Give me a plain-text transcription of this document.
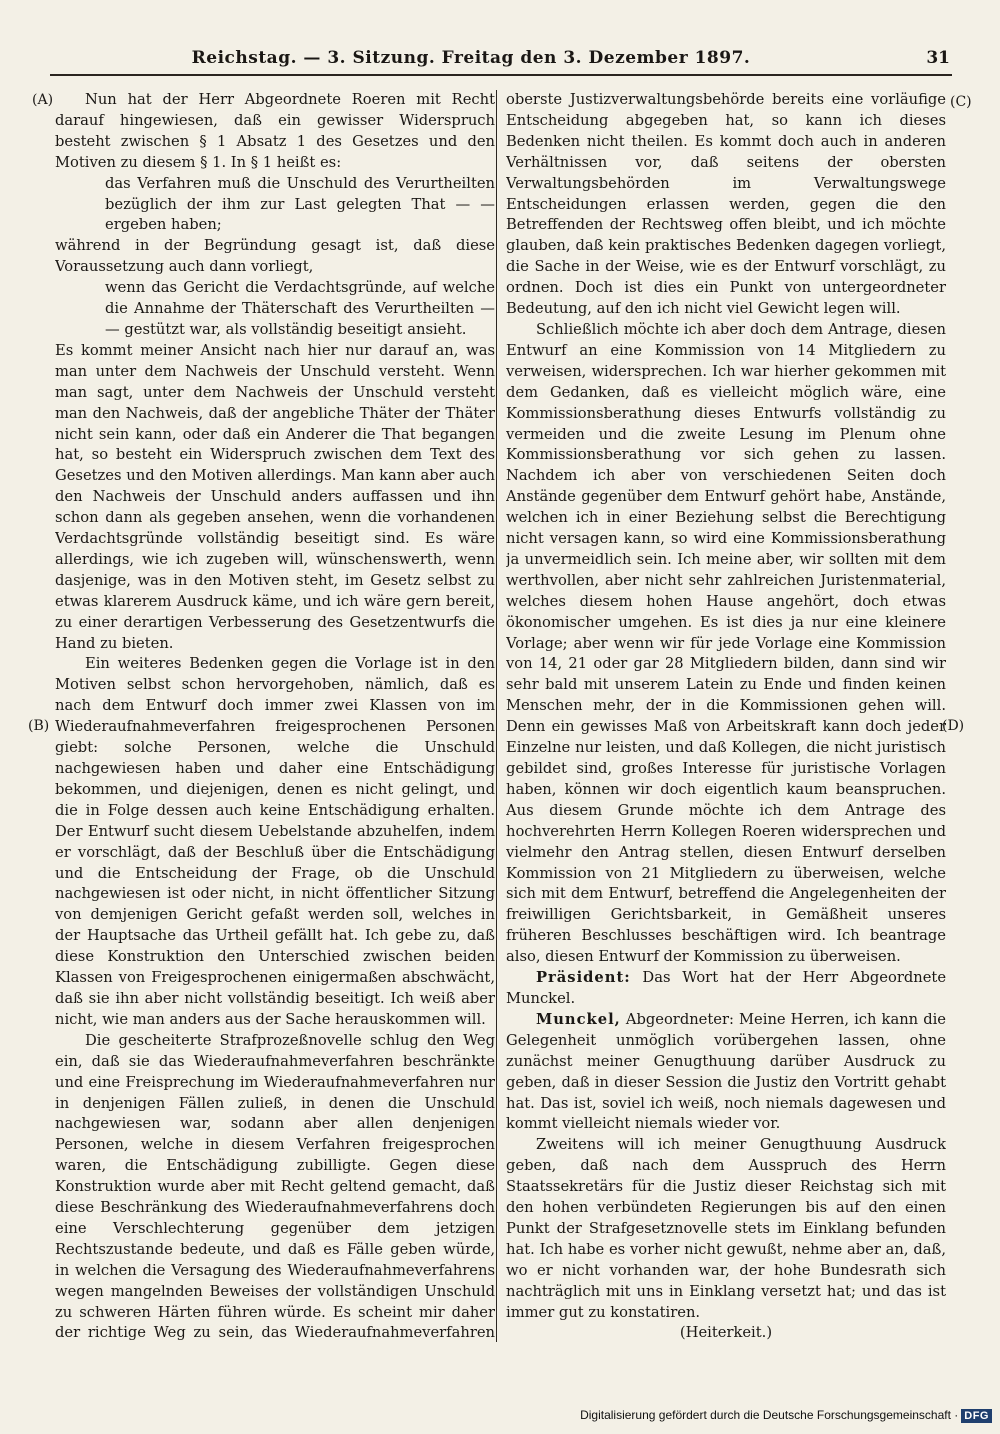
Reichstag. — 3. Sitzung. Freitag den 3. Dezember 1897.	31
(A)
(B)
(C)
(D)

Nun hat der Herr Abgeordnete Roeren mit Recht darauf hingewiesen, daß ein gewisser Widerspruch besteht zwischen § 1 Absatz 1 des Gesetzes und den Motiven zu diesem § 1. In § 1 heißt es:

das Verfahren muß die Unschuld des Verurtheilten bezüglich der ihm zur Last gelegten That — — ergeben haben;

während in der Begründung gesagt ist, daß diese Voraussetzung auch dann vorliegt,

wenn das Gericht die Verdachtsgründe, auf welche die Annahme der Thäterschaft des Verurtheilten — — gestützt war, als vollständig beseitigt ansieht.

Es kommt meiner Ansicht nach hier nur darauf an, was man unter dem Nachweis der Unschuld versteht. Wenn man sagt, unter dem Nachweis der Unschuld versteht man den Nachweis, daß der angebliche Thäter der Thäter nicht sein kann, oder daß ein Anderer die That begangen hat, so besteht ein Widerspruch zwischen dem Text des Gesetzes und den Motiven allerdings. Man kann aber auch den Nachweis der Unschuld anders auffassen und ihn schon dann als gegeben ansehen, wenn die vorhandenen Verdachtsgründe vollständig beseitigt sind. Es wäre allerdings, wie ich zugeben will, wünschenswerth, wenn dasjenige, was in den Motiven steht, im Gesetz selbst zu etwas klarerem Ausdruck käme, und ich wäre gern bereit, zu einer derartigen Verbesserung des Gesetzentwurfs die Hand zu bieten.

Ein weiteres Bedenken gegen die Vorlage ist in den Motiven selbst schon hervorgehoben, nämlich, daß es nach dem Entwurf doch immer zwei Klassen von im Wiederaufnahmeverfahren freigesprochenen Personen giebt: solche Personen, welche die Unschuld nachgewiesen haben und daher eine Entschädigung bekommen, und diejenigen, denen es nicht gelingt, und die in Folge dessen auch keine Entschädigung erhalten. Der Entwurf sucht diesem Uebelstande abzuhelfen, indem er vorschlägt, daß der Beschluß über die Entschädigung und die Entscheidung der Frage, ob die Unschuld nachgewiesen ist oder nicht, in nicht öffentlicher Sitzung von demjenigen Gericht gefaßt werden soll, welches in der Hauptsache das Urtheil gefällt hat. Ich gebe zu, daß diese Konstruktion den Unterschied zwischen beiden Klassen von Freigesprochenen einigermaßen abschwächt, daß sie ihn aber nicht vollständig beseitigt. Ich weiß aber nicht, wie man anders aus der Sache herauskommen will.

Die gescheiterte Strafprozeßnovelle schlug den Weg ein, daß sie das Wiederaufnahmeverfahren beschränkte und eine Freisprechung im Wiederaufnahmeverfahren nur in denjenigen Fällen zuließ, in denen die Unschuld nachgewiesen war, sodann aber allen denjenigen Personen, welche in diesem Verfahren freigesprochen waren, die Entschädigung zubilligte. Gegen diese Konstruktion wurde aber mit Recht geltend gemacht, daß diese Beschränkung des Wiederaufnahmeverfahrens doch eine Verschlechterung gegenüber dem jetzigen Rechtszustande bedeute, und daß es Fälle geben würde, in welchen die Versagung des Wiederaufnahmeverfahrens wegen mangelnden Beweises der vollständigen Unschuld zu schweren Härten führen würde. Es scheint mir daher der richtige Weg zu sein, das Wiederaufnahmeverfahren

oberste Justizverwaltungsbehörde bereits eine vorläufige Entscheidung abgegeben hat, so kann ich dieses Bedenken nicht theilen. Es kommt doch auch in anderen Verhältnissen vor, daß seitens der obersten Verwaltungsbehörden im Verwaltungswege Entscheidungen erlassen werden, gegen die den Betreffenden der Rechtsweg offen bleibt, und ich möchte glauben, daß kein praktisches Bedenken dagegen vorliegt, die Sache in der Weise, wie es der Entwurf vorschlägt, zu ordnen. Doch ist dies ein Punkt von untergeordneter Bedeutung, auf den ich nicht viel Gewicht legen will.

Schließlich möchte ich aber doch dem Antrage, diesen Entwurf an eine Kommission von 14 Mitgliedern zu verweisen, widersprechen. Ich war hierher gekommen mit dem Gedanken, daß es vielleicht möglich wäre, eine Kommissionsberathung dieses Entwurfs vollständig zu vermeiden und die zweite Lesung im Plenum ohne Kommissionsberathung vor sich gehen zu lassen. Nachdem ich aber von verschiedenen Seiten doch Anstände gegenüber dem Entwurf gehört habe, Anstände, welchen ich in einer Beziehung selbst die Berechtigung nicht versagen kann, so wird eine Kommissionsberathung ja unvermeidlich sein. Ich meine aber, wir sollten mit dem werthvollen, aber nicht sehr zahlreichen Juristenmaterial, welches diesem hohen Hause angehört, doch etwas ökonomischer umgehen. Es ist dies ja nur eine kleinere Vorlage; aber wenn wir für jede Vorlage eine Kommission von 14, 21 oder gar 28 Mitgliedern bilden, dann sind wir sehr bald mit unserem Latein zu Ende und finden keinen Menschen mehr, der in die Kommissionen gehen will. Denn ein gewisses Maß von Arbeitskraft kann doch jeder Einzelne nur leisten, und daß Kollegen, die nicht juristisch gebildet sind, großes Interesse für juristische Vorlagen haben, können wir doch eigentlich kaum beanspruchen. Aus diesem Grunde möchte ich dem Antrage des hochverehrten Herrn Kollegen Roeren widersprechen und vielmehr den Antrag stellen, diesen Entwurf derselben Kommission von 21 Mitgliedern zu überweisen, welche sich mit dem Entwurf, betreffend die Angelegenheiten der freiwilligen Gerichtsbarkeit, in Gemäßheit unseres früheren Beschlusses beschäftigen wird. Ich beantrage also, diesen Entwurf der Kommission zu überweisen.

Präsident: Das Wort hat der Herr Abgeordnete Munckel.

Munckel, Abgeordneter: Meine Herren, ich kann die Gelegenheit unmöglich vorübergehen lassen, ohne zunächst meiner Genugthuung darüber Ausdruck zu geben, daß in dieser Session die Justiz den Vortritt gehabt hat. Das ist, soviel ich weiß, noch niemals dagewesen und kommt vielleicht niemals wieder vor.

Zweitens will ich meiner Genugthuung Ausdruck geben, daß nach dem Ausspruch des Herrn Staatssekretärs für die Justiz dieser Reichstag sich mit den hohen verbündeten Regierungen bis auf den einen Punkt der Strafgesetznovelle stets im Einklang befunden hat. Ich habe es vorher nicht gewußt, nehme aber an, daß, wo er nicht vorhanden war, der hohe Bundesrath sich nachträglich mit uns in Einklang versetzt hat; und das ist immer gut zu konstatiren.

(Heiterkeit.)

Digitalisierung gefördert durch die Deutsche Forschungsgemeinschaft · DFG
